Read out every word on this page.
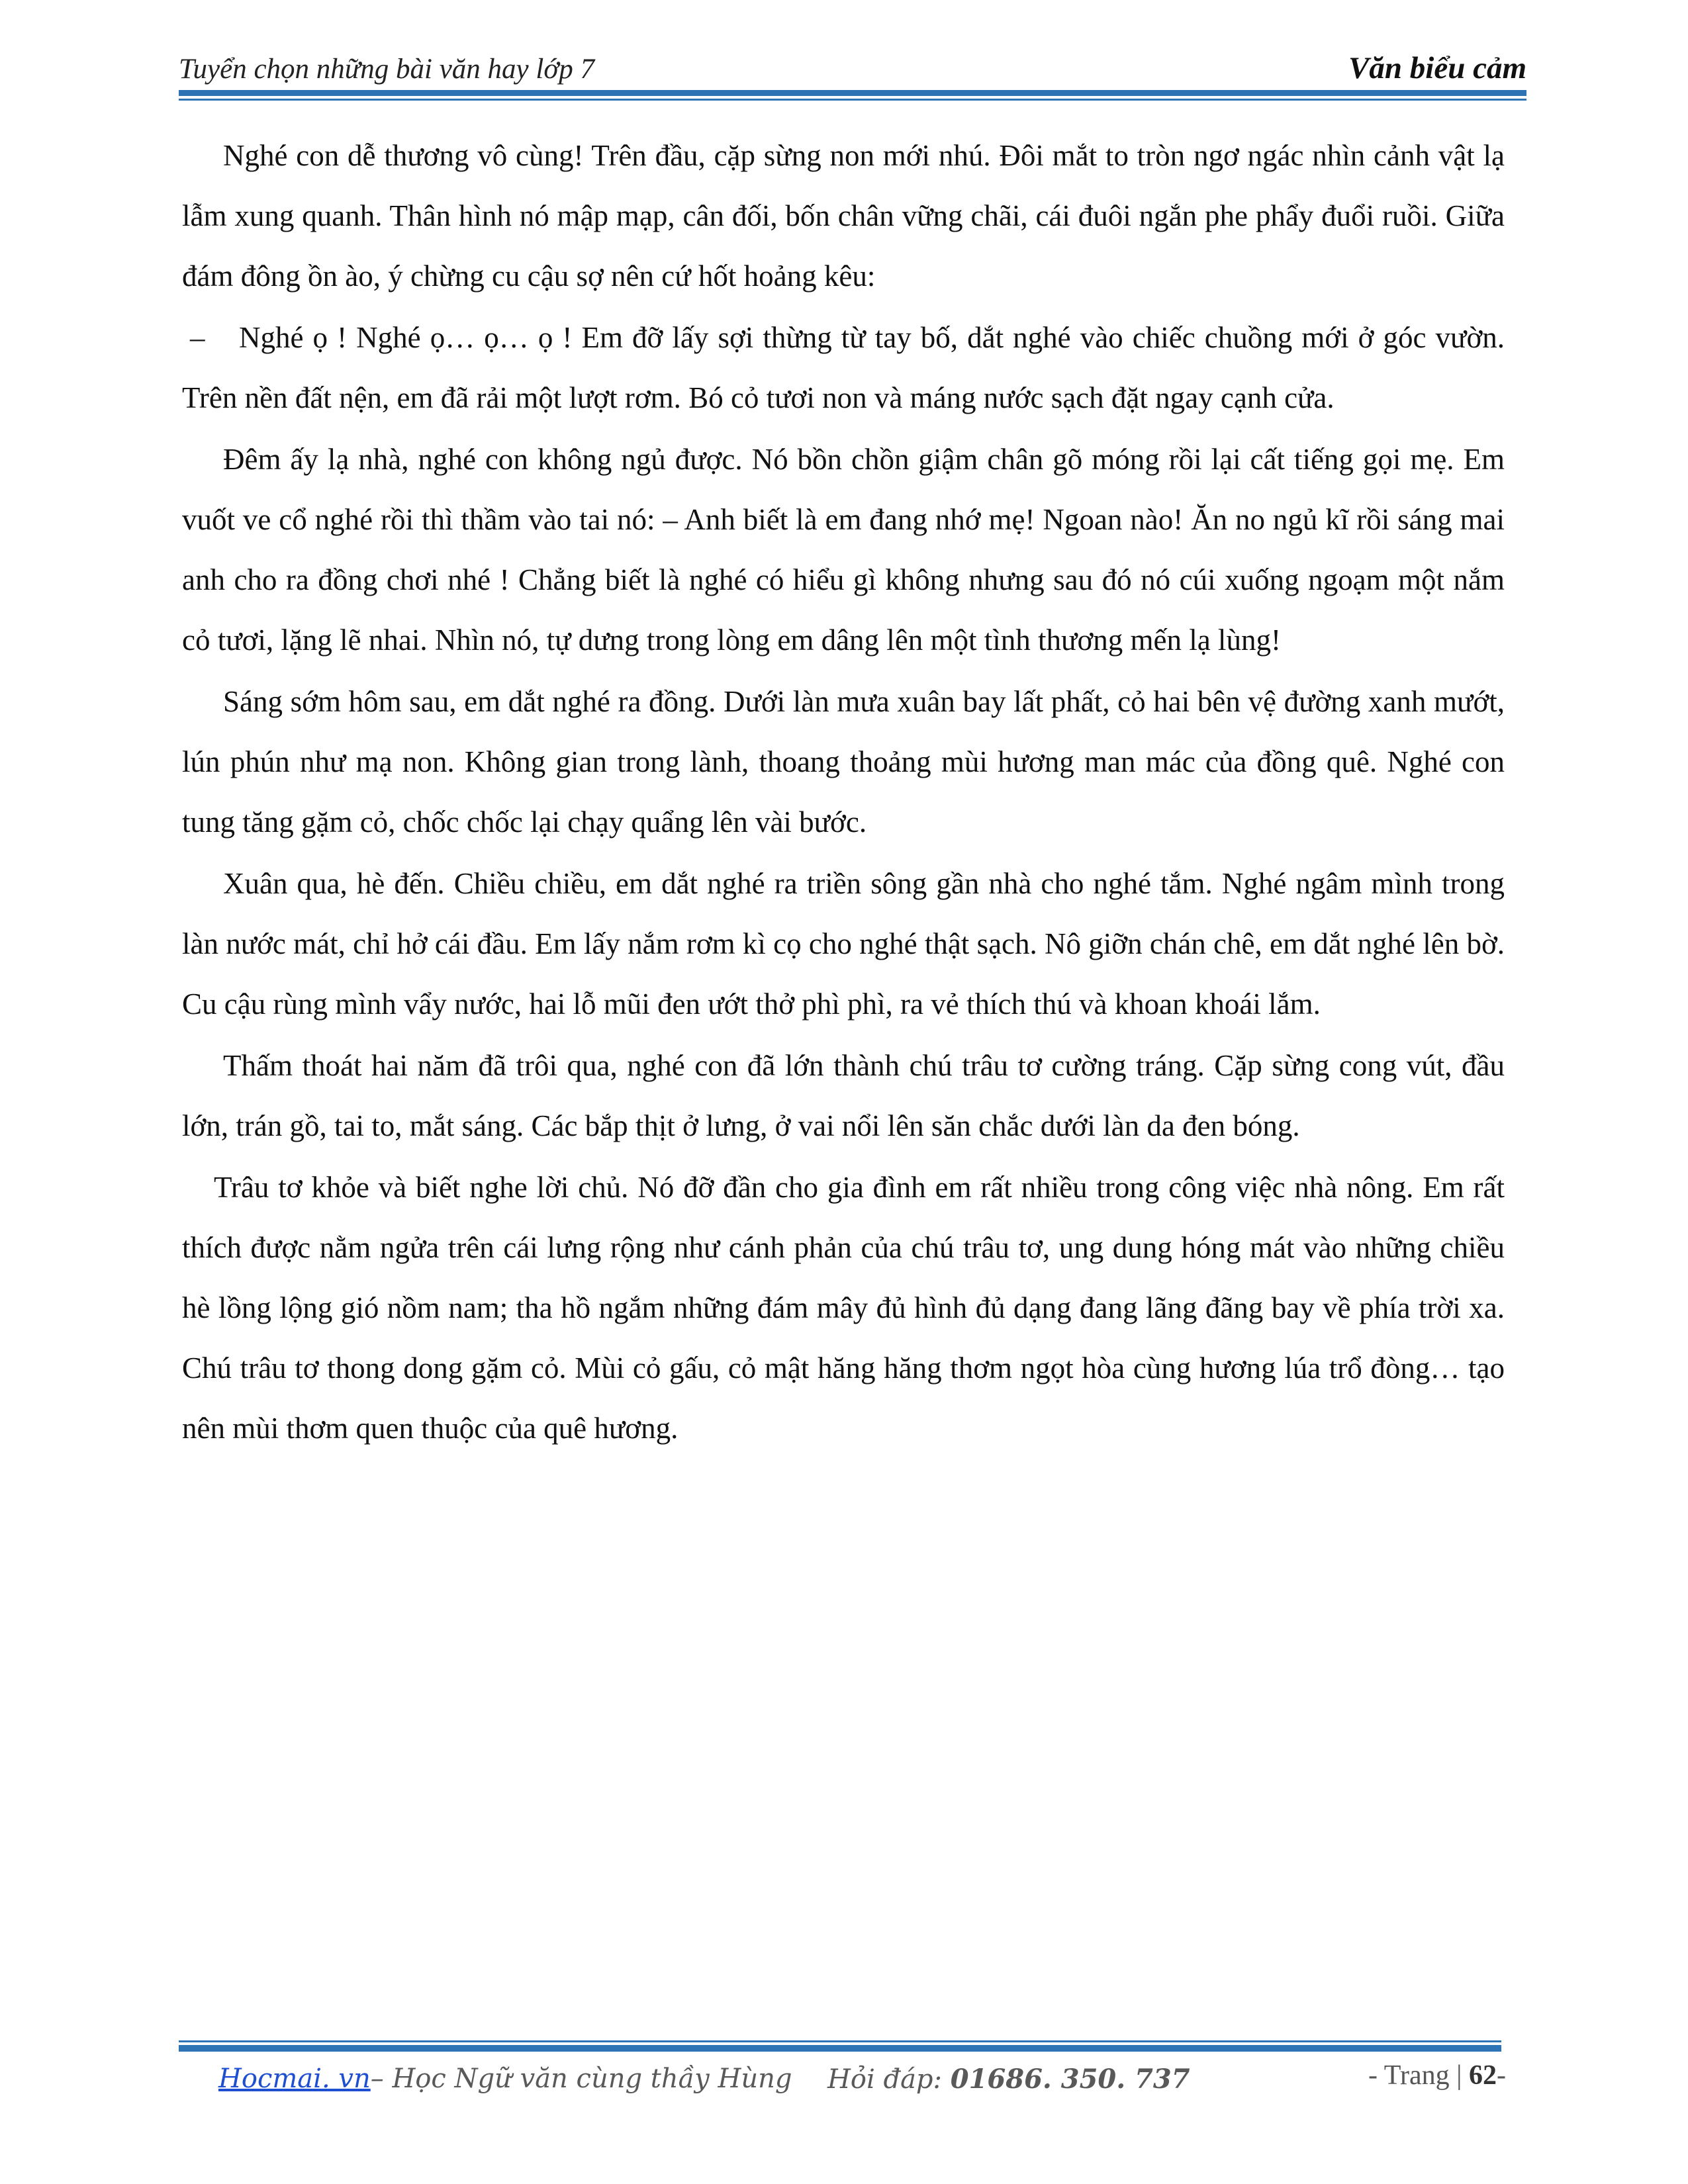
Tuyển chọn những bài văn hay lớp 7	Văn biểu cảm

Nghé con dễ thương vô cùng! Trên đầu, cặp sừng non mới nhú. Đôi mắt to tròn ngơ ngác nhìn cảnh vật lạ lẫm xung quanh. Thân hình nó mập mạp, cân đối, bốn chân vững chãi, cái đuôi ngắn phe phẩy đuổi ruồi. Giữa đám đông ồn ào, ý chừng cu cậu sợ nên cứ hốt hoảng kêu:

– Nghé ọ ! Nghé ọ… ọ… ọ ! Em đỡ lấy sợi thừng từ tay bố, dắt nghé vào chiếc chuồng mới ở góc vườn. Trên nền đất nện, em đã rải một lượt rơm. Bó cỏ tươi non và máng nước sạch đặt ngay cạnh cửa.

Đêm ấy lạ nhà, nghé con không ngủ được. Nó bồn chồn giậm chân gõ móng rồi lại cất tiếng gọi mẹ. Em vuốt ve cổ nghé rồi thì thầm vào tai nó: – Anh biết là em đang nhớ mẹ! Ngoan nào! Ăn no ngủ kĩ rồi sáng mai anh cho ra đồng chơi nhé ! Chẳng biết là nghé có hiểu gì không nhưng sau đó nó cúi xuống ngoạm một nắm cỏ tươi, lặng lẽ nhai. Nhìn nó, tự dưng trong lòng em dâng lên một tình thương mến lạ lùng!

Sáng sớm hôm sau, em dắt nghé ra đồng. Dưới làn mưa xuân bay lất phất, cỏ hai bên vệ đường xanh mướt, lún phún như mạ non. Không gian trong lành, thoang thoảng mùi hương man mác của đồng quê. Nghé con tung tăng gặm cỏ, chốc chốc lại chạy quẩng lên vài bước.

Xuân qua, hè đến. Chiều chiều, em dắt nghé ra triền sông gần nhà cho nghé tắm. Nghé ngâm mình trong làn nước mát, chỉ hở cái đầu. Em lấy nắm rơm kì cọ cho nghé thật sạch. Nô giỡn chán chê, em dắt nghé lên bờ. Cu cậu rùng mình vẩy nước, hai lỗ mũi đen ướt thở phì phì, ra vẻ thích thú và khoan khoái lắm.

Thấm thoát hai năm đã trôi qua, nghé con đã lớn thành chú trâu tơ cường tráng. Cặp sừng cong vút, đầu lớn, trán gồ, tai to, mắt sáng. Các bắp thịt ở lưng, ở vai nổi lên săn chắc dưới làn da đen bóng.

Trâu tơ khỏe và biết nghe lời chủ. Nó đỡ đần cho gia đình em rất nhiều trong công việc nhà nông. Em rất thích được nằm ngửa trên cái lưng rộng như cánh phản của chú trâu tơ, ung dung hóng mát vào những chiều hè lồng lộng gió nồm nam; tha hồ ngắm những đám mây đủ hình đủ dạng đang lãng đãng bay về phía trời xa. Chú trâu tơ thong dong gặm cỏ. Mùi cỏ gấu, cỏ mật hăng hăng thơm ngọt hòa cùng hương lúa trổ đòng… tạo nên mùi thơm quen thuộc của quê hương.

Hocmai. vn– Học Ngữ văn cùng thầy Hùng Hỏi đáp: 01686. 350. 737	- Trang | 62-
